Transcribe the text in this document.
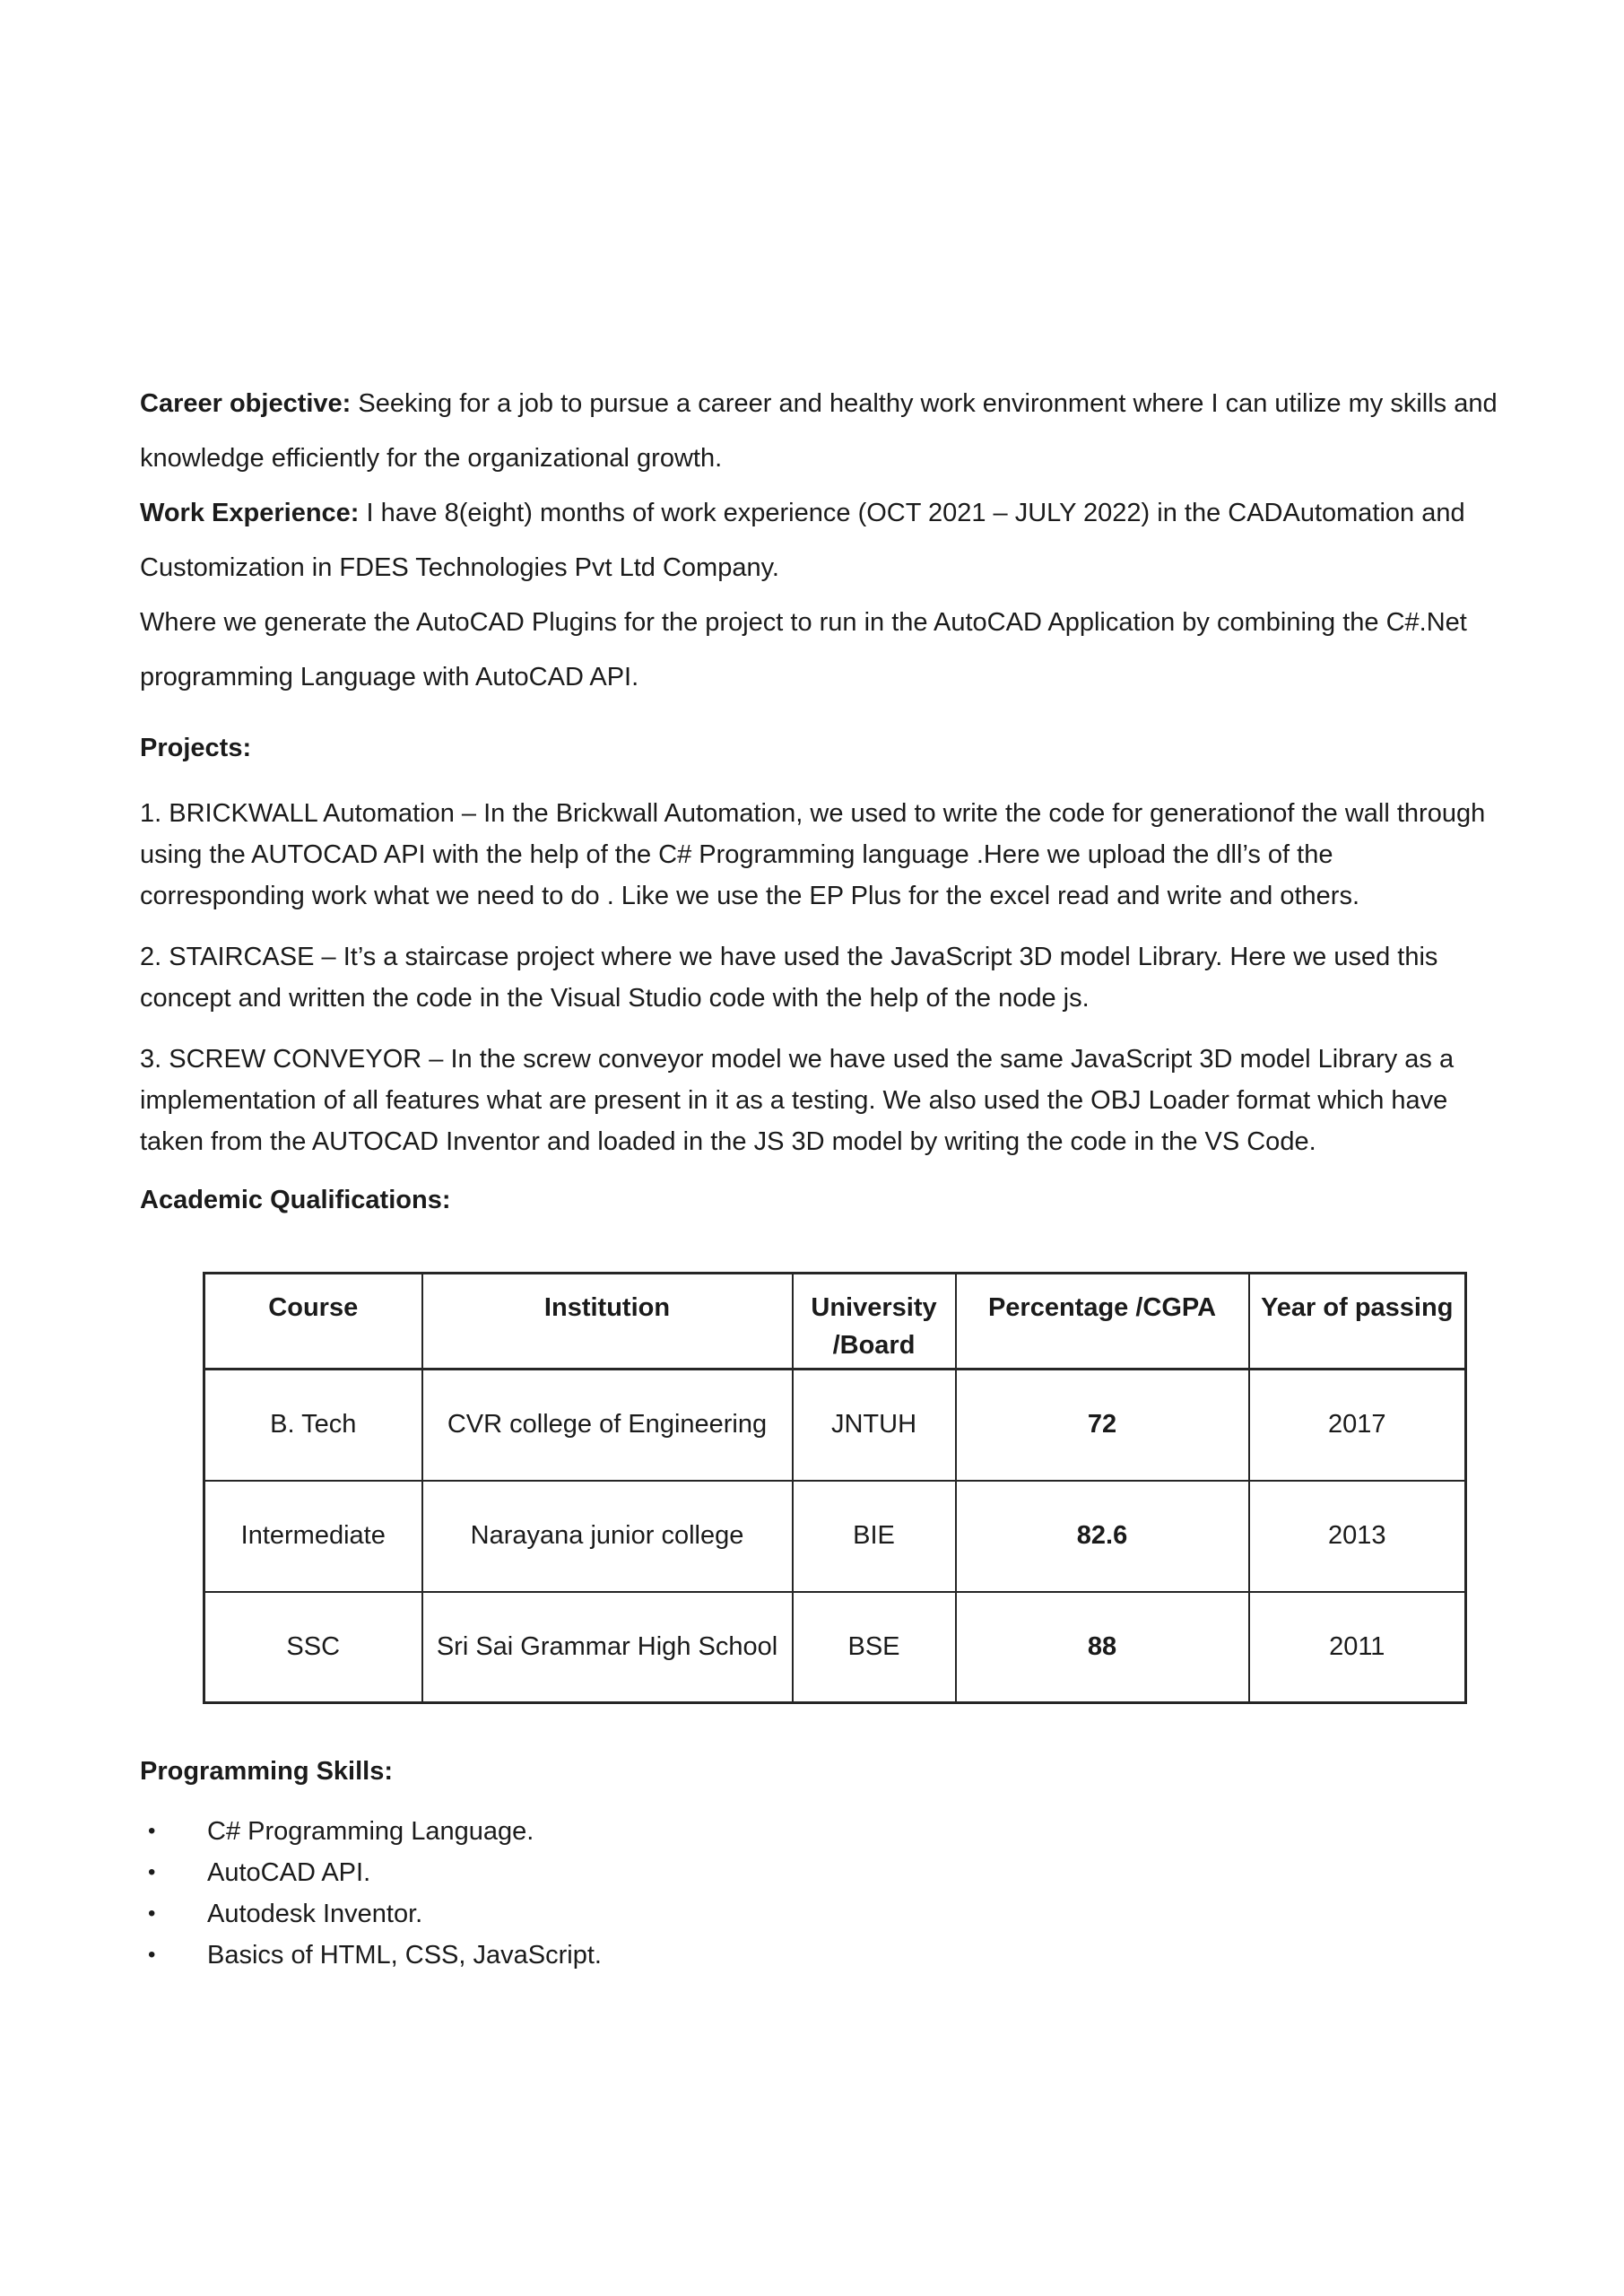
Career objective: Seeking for a job to pursue a career and healthy work environment where I can utilize my skills and knowledge efficiently for the organizational growth.

Work Experience: I have 8(eight) months of work experience (OCT 2021 – JULY 2022) in the CADAutomation and Customization in FDES Technologies Pvt Ltd Company.

Where we generate the AutoCAD Plugins for the project to run in the AutoCAD Application by combining the C#.Net programming Language with AutoCAD API.

Projects:

1. BRICKWALL Automation – In the Brickwall Automation, we used to write the code for generationof the wall through using the AUTOCAD API with the help of the C# Programming language .Here we upload the dll’s of the corresponding work what we need to do . Like we use the EP Plus for the excel read and write and others.

2. STAIRCASE – It’s a staircase project where we have used the JavaScript 3D model Library. Here we used this concept and written the code in the Visual Studio code with the help of the node js.

3. SCREW CONVEYOR – In the screw conveyor model we have used the same JavaScript 3D model Library as a implementation of all features what are present in it as a testing. We also used the OBJ Loader format which have taken from the AUTOCAD Inventor and loaded in the JS 3D model by writing the code in the VS Code.

Academic Qualifications:
Course	Institution	University /Board	Percentage /CGPA	Year of passing
B. Tech	CVR college of Engineering	JNTUH	72	2017
Intermediate	Narayana junior college	BIE	82.6	2013
SSC	Sri Sai Grammar High School	BSE	88	2011
Programming Skills:
• C# Programming Language.
• AutoCAD API.
• Autodesk Inventor.
• Basics of HTML, CSS, JavaScript.
